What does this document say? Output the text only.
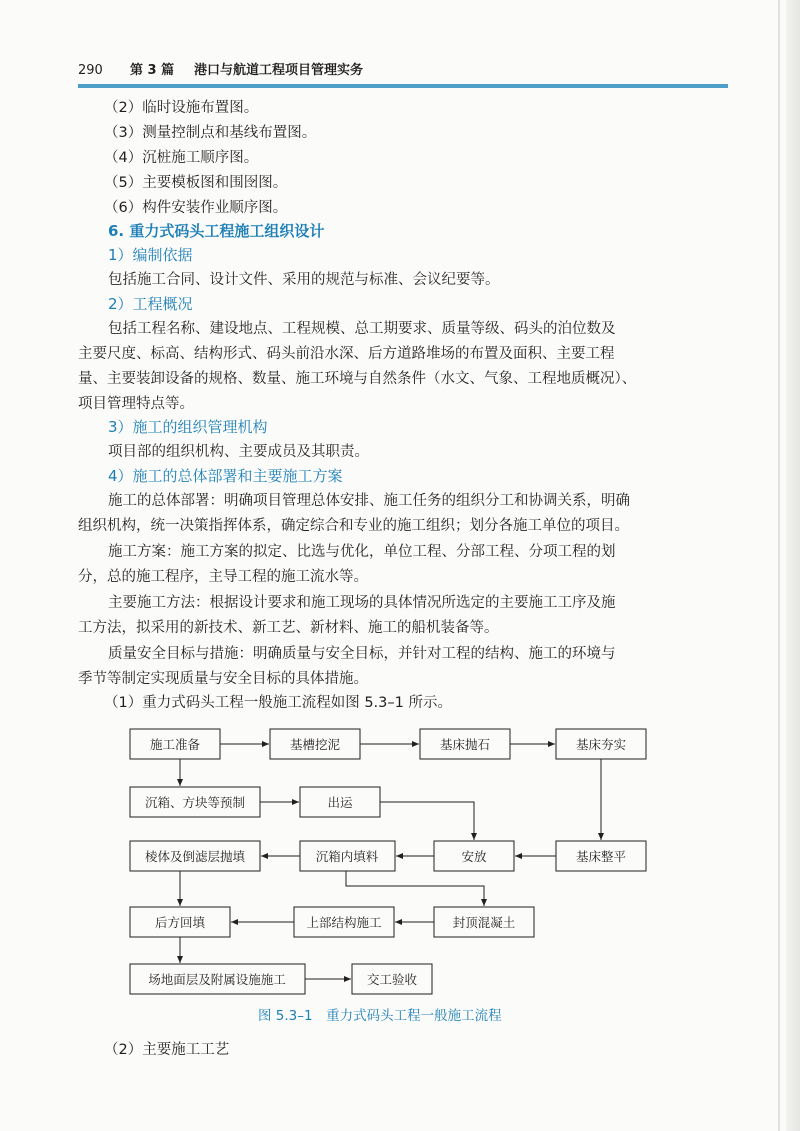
290 第 3 篇 港口与航道工程项目管理实务
（2）临时设施布置图。
（3）测量控制点和基线布置图。
（4）沉桩施工顺序图。
（5）主要模板图和围囹图。
（6）构件安装作业顺序图。
6. 重力式码头工程施工组织设计
1）编制依据
包括施工合同、设计文件、采用的规范与标准、会议纪要等。
2）工程概况
包括工程名称、建设地点、工程规模、总工期要求、质量等级、码头的泊位数及
主要尺度、标高、结构形式、码头前沿水深、后方道路堆场的布置及面积、主要工程
量、主要装卸设备的规格、数量、施工环境与自然条件（水文、气象、工程地质概况）、
项目管理特点等。
3）施工的组织管理机构
项目部的组织机构、主要成员及其职责。
4）施工的总体部署和主要施工方案
施工的总体部署：明确项目管理总体安排、施工任务的组织分工和协调关系，明确
组织机构，统一决策指挥体系，确定综合和专业的施工组织；划分各施工单位的项目。
施工方案：施工方案的拟定、比选与优化，单位工程、分部工程、分项工程的划
分，总的施工程序，主导工程的施工流水等。
主要施工方法：根据设计要求和施工现场的具体情况所选定的主要施工工序及施
工方法，拟采用的新技术、新工艺、新材料、施工的船机装备等。
质量安全目标与措施：明确质量与安全目标，并针对工程的结构、施工的环境与
季节等制定实现质量与安全目标的具体措施。
（1）重力式码头工程一般施工流程如图 5.3–1 所示。
施工准备	基槽挖泥	基床抛石	基床夯实
沉箱、方块等预制	出运
棱体及倒滤层抛填	沉箱内填料	安放	基床整平
后方回填	上部结构施工	封顶混凝土
场地面层及附属设施施工	交工验收
图 5.3–1　重力式码头工程一般施工流程
（2）主要施工工艺
